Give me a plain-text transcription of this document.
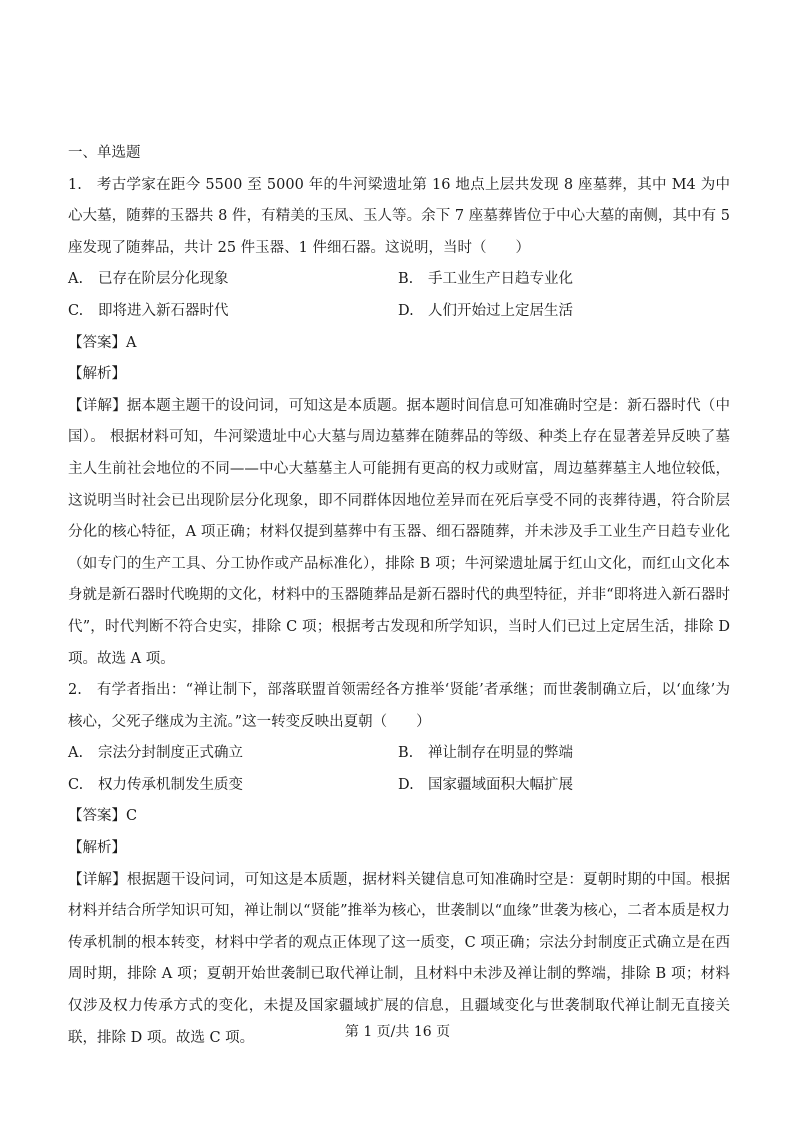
一、单选题
1.　考古学家在距今 5500 至 5000 年的牛河梁遗址第 16 地点上层共发现 8 座墓葬，其中 M4 为中心大墓，随葬的玉器共 8 件，有精美的玉凤、玉人等。余下 7 座墓葬皆位于中心大墓的南侧，其中有 5 座发现了随葬品，共计 25 件玉器、1 件细石器。这说明，当时（　　）
A. 已存在阶层分化现象	B. 手工业生产日趋专业化
C. 即将进入新石器时代	D. 人们开始过上定居生活
【答案】A
【解析】
【详解】据本题主题干的设问词，可知这是本质题。据本题时间信息可知准确时空是：新石器时代（中国）。 根据材料可知，牛河梁遗址中心大墓与周边墓葬在随葬品的等级、种类上存在显著差异反映了墓主人生前社会地位的不同——中心大墓墓主人可能拥有更高的权力或财富，周边墓葬墓主人地位较低，这说明当时社会已出现阶层分化现象，即不同群体因地位差异而在死后享受不同的丧葬待遇，符合阶层分化的核心特征，A 项正确；材料仅提到墓葬中有玉器、细石器随葬，并未涉及手工业生产日趋专业化（如专门的生产工具、分工协作或产品标准化），排除 B 项；牛河梁遗址属于红山文化，而红山文化本身就是新石器时代晚期的文化，材料中的玉器随葬品是新石器时代的典型特征，并非“即将进入新石器时代”，时代判断不符合史实，排除 C 项；根据考古发现和所学知识，当时人们已过上定居生活，排除 D 项。故选 A 项。
2.　有学者指出：“禅让制下，部落联盟首领需经各方推举‘贤能’者承继；而世袭制确立后，以‘血缘’为核心，父死子继成为主流。”这一转变反映出夏朝（　　）
A. 宗法分封制度正式确立	B. 禅让制存在明显的弊端
C. 权力传承机制发生质变	D. 国家疆域面积大幅扩展
【答案】C
【解析】
【详解】根据题干设问词，可知这是本质题，据材料关键信息可知准确时空是：夏朝时期的中国。根据材料并结合所学知识可知，禅让制以“贤能”推举为核心，世袭制以“血缘”世袭为核心，二者本质是权力传承机制的根本转变，材料中学者的观点正体现了这一质变，C 项正确；宗法分封制度正式确立是在西周时期，排除 A 项；夏朝开始世袭制已取代禅让制，且材料中未涉及禅让制的弊端，排除 B 项；材料仅涉及权力传承方式的变化，未提及国家疆域扩展的信息，且疆域变化与世袭制取代禅让制无直接关联，排除 D 项。故选 C 项。	第 1 页/共 16 页
